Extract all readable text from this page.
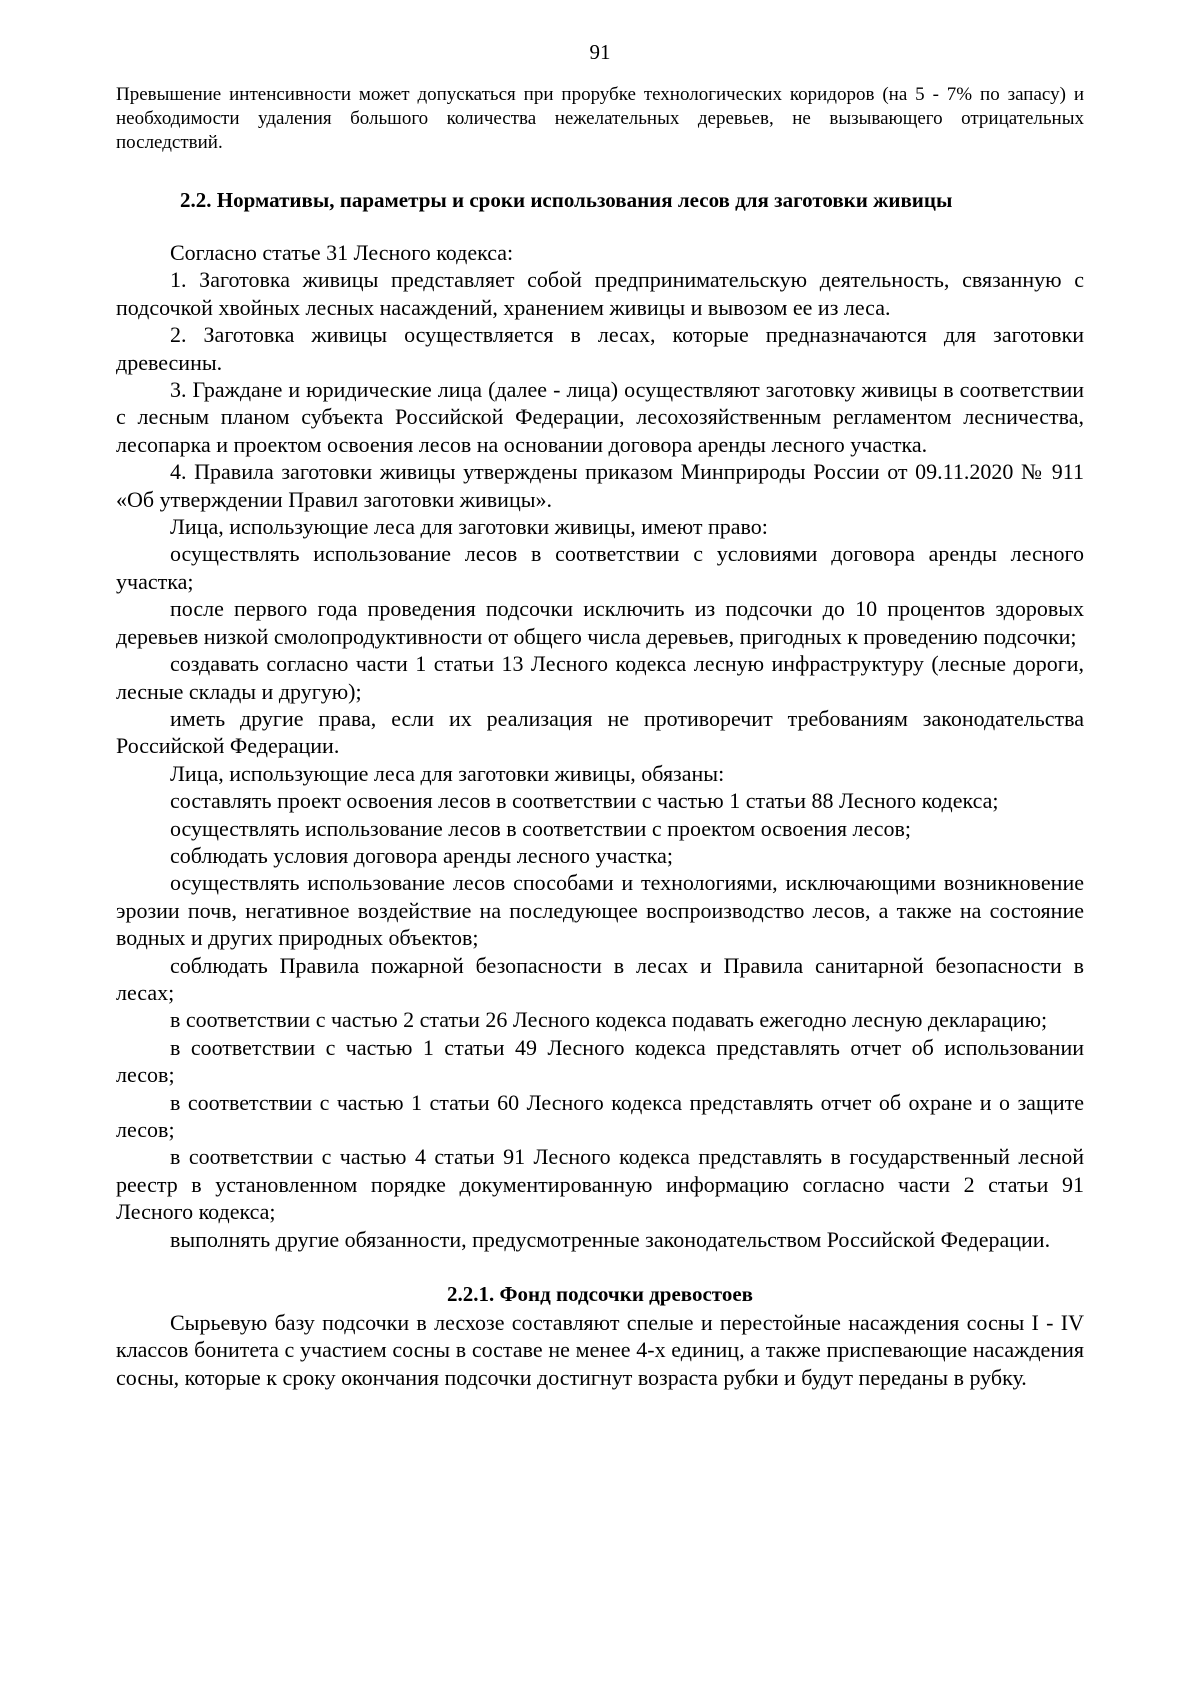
91

Превышение интенсивности может допускаться при прорубке технологических коридоров (на 5 - 7% по запасу) и необходимости удаления большого количества нежелательных деревьев, не вызывающего отрицательных последствий.

2.2. Нормативы, параметры и сроки использования лесов для заготовки живицы

Согласно статье 31 Лесного кодекса:

1. Заготовка живицы представляет собой предпринимательскую деятельность, связанную с подсочкой хвойных лесных насаждений, хранением живицы и вывозом ее из леса.

2. Заготовка живицы осуществляется в лесах, которые предназначаются для заготовки древесины.

3. Граждане и юридические лица (далее - лица) осуществляют заготовку живицы в соответствии с лесным планом субъекта Российской Федерации, лесохозяйственным регламентом лесничества, лесопарка и проектом освоения лесов на основании договора аренды лесного участка.

4. Правила заготовки живицы утверждены приказом Минприроды России от 09.11.2020 № 911 «Об утверждении Правил заготовки живицы».

Лица, использующие леса для заготовки живицы, имеют право:

осуществлять использование лесов в соответствии с условиями договора аренды лесного участка;

после первого года проведения подсочки исключить из подсочки до 10 процентов здоровых деревьев низкой смолопродуктивности от общего числа деревьев, пригодных к проведению подсочки;

создавать согласно части 1 статьи 13 Лесного кодекса лесную инфраструктуру (лесные дороги, лесные склады и другую);

иметь другие права, если их реализация не противоречит требованиям законодательства Российской Федерации.

Лица, использующие леса для заготовки живицы, обязаны:

составлять проект освоения лесов в соответствии с частью 1 статьи 88 Лесного кодекса;

осуществлять использование лесов в соответствии с проектом освоения лесов;

соблюдать условия договора аренды лесного участка;

осуществлять использование лесов способами и технологиями, исключающими возникновение эрозии почв, негативное воздействие на последующее воспроизводство лесов, а также на состояние водных и других природных объектов;

соблюдать Правила пожарной безопасности в лесах и Правила санитарной безопасности в лесах;

в соответствии с частью 2 статьи 26 Лесного кодекса подавать ежегодно лесную декларацию;

в соответствии с частью 1 статьи 49 Лесного кодекса представлять отчет об использовании лесов;

в соответствии с частью 1 статьи 60 Лесного кодекса представлять отчет об охране и о защите лесов;

в соответствии с частью 4 статьи 91 Лесного кодекса представлять в государственный лесной реестр в установленном порядке документированную информацию согласно части 2 статьи 91 Лесного кодекса;

выполнять другие обязанности, предусмотренные законодательством Российской Федерации.

2.2.1. Фонд подсочки древостоев

Сырьевую базу подсочки в лесхозе составляют спелые и перестойные насаждения сосны I - IV классов бонитета с участием сосны в составе не менее 4-х единиц, а также приспевающие насаждения сосны, которые к сроку окончания подсочки достигнут возраста рубки и будут переданы в рубку.
